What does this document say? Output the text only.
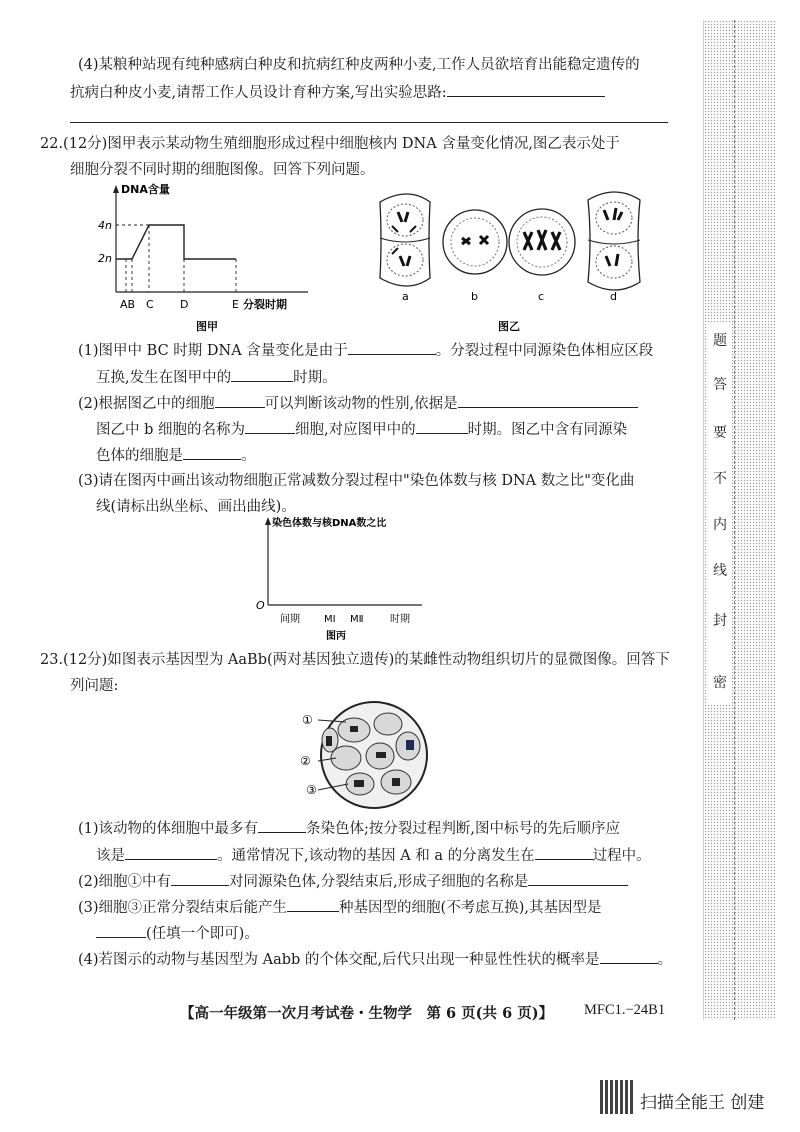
题
答
要
不
内
线
封
密
(4)某粮种站现有纯种感病白种皮和抗病红种皮两种小麦,工作人员欲培育出能稳定遗传的
抗病白种皮小麦,请帮工作人员设计育种方案,写出实验思路:
22.(12分)图甲表示某动物生殖细胞形成过程中细胞核内 DNA 含量变化情况,图乙表示处于
细胞分裂不同时期的细胞图像。回答下列问题。
DNA含量
4n
2n
AB C D	E 分裂时期
图甲
a	b	c	d
图乙
(1)图甲中 BC 时期 DNA 含量变化是由于	。分裂过程中同源染色体相应区段
互换,发生在图甲中的	时期。
(2)根据图乙中的细胞	可以判断该动物的性别,依据是
图乙中 b 细胞的名称为	细胞,对应图甲中的	时期。图乙中含有同源染
色体的细胞是	。
(3)请在图丙中画出该动物细胞正常减数分裂过程中"染色体数与核 DNA 数之比"变化曲
线(请标出纵坐标、画出曲线)。
染色体数与核DNA数之比
O
间期 MⅠ MⅡ	时期
图丙
23.(12分)如图表示基因型为 AaBb(两对基因独立遗传)的某雌性动物组织切片的显微图像。回答下
列问题:
①
②
③
(1)该动物的体细胞中最多有	条染色体;按分裂过程判断,图中标号的先后顺序应
该是	。通常情况下,该动物的基因 A 和 a 的分离发生在	过程中。
(2)细胞①中有	对同源染色体,分裂结束后,形成子细胞的名称是
(3)细胞③正常分裂结束后能产生	种基因型的细胞(不考虑互换),其基因型是
(任填一个即可)。
(4)若图示的动物与基因型为 Aabb 的个体交配,后代只出现一种显性性状的概率是	。
【高一年级第一次月考试卷・生物学　第 6 页(共 6 页)】 MFC1.−24B1
扫描全能王 创建
